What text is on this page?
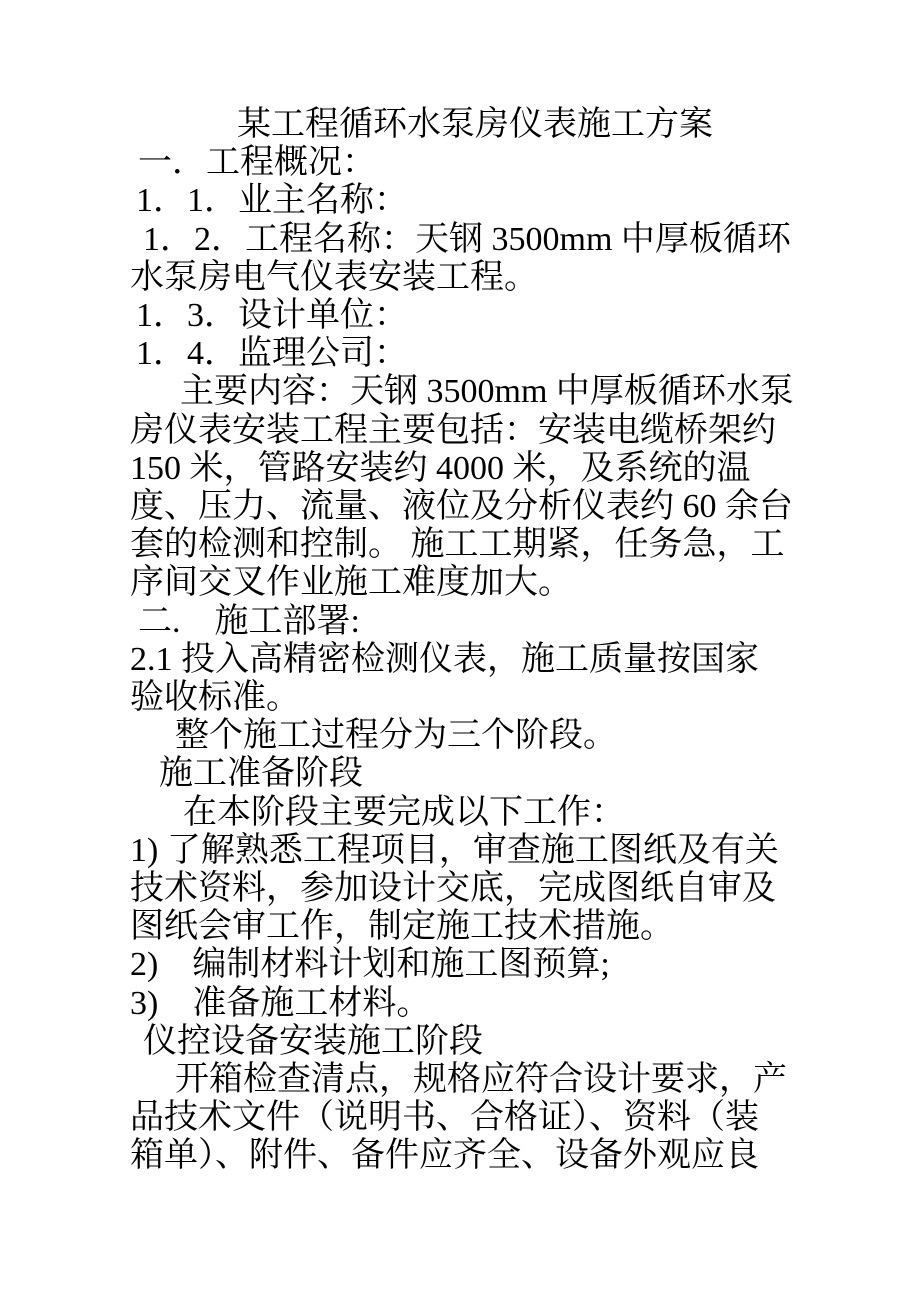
某工程循环水泵房仪表施工方案
一．工程概况：
1．1．业主名称：
1．2．工程名称：天钢 3500mm 中厚板循环
水泵房电气仪表安装工程。
1．3．设计单位：
1．4．监理公司：
主要内容：天钢 3500mm 中厚板循环水泵
房仪表安装工程主要包括：安装电缆桥架约
150 米，管路安装约 4000 米，及系统的温
度、压力、流量、液位及分析仪表约 60 余台
套的检测和控制。 施工工期紧，任务急，工
序间交叉作业施工难度加大。
二.　施工部署:
2.1 投入高精密检测仪表，施工质量按国家
验收标准。
整个施工过程分为三个阶段。
施工准备阶段
在本阶段主要完成以下工作：
1) 了解熟悉工程项目，审查施工图纸及有关
技术资料，参加设计交底，完成图纸自审及
图纸会审工作，制定施工技术措施。
2)　编制材料计划和施工图预算;
3)　准备施工材料。
仪控设备安装施工阶段
开箱检查清点，规格应符合设计要求，产
品技术文件（说明书、合格证）、资料（装
箱单）、附件、备件应齐全、设备外观应良
